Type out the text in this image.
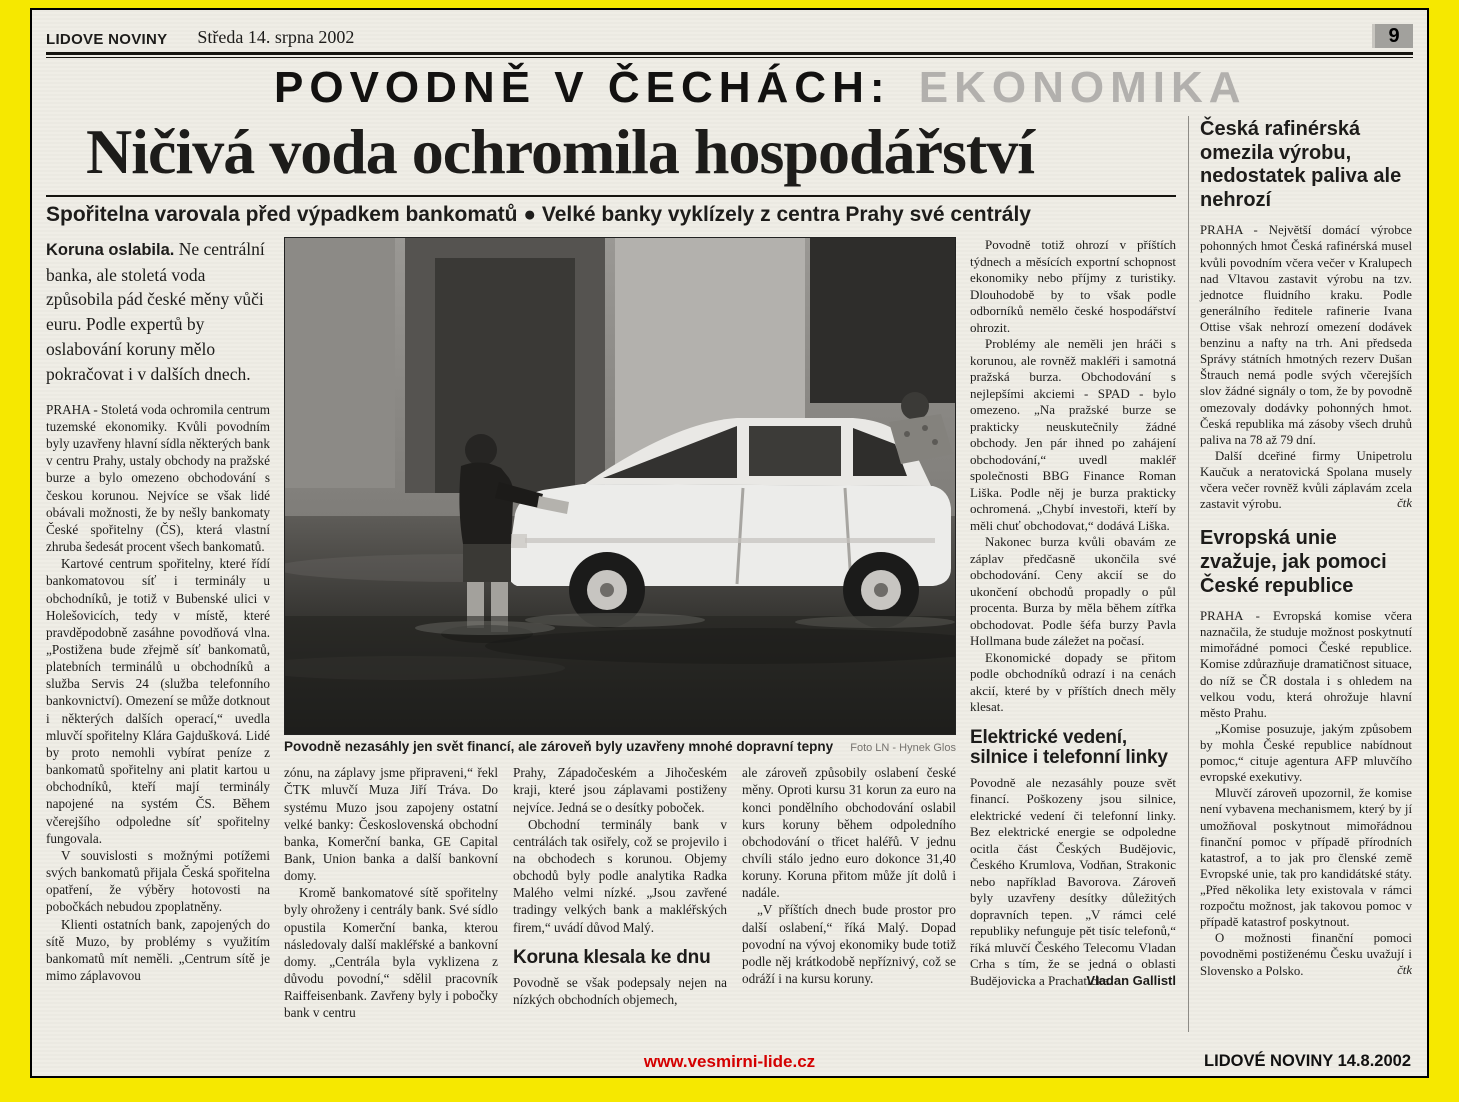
LIDOVE NOVINY Středa 14. srpna 2002	9
POVODNĚ V ČECHÁCH: EKONOMIKA
Ničivá voda ochromila hospodářství
Spořitelna varovala před výpadkem bankomatů ● Velké banky vyklízely z centra Prahy své centrály

Koruna oslabila. Ne centrální banka, ale stoletá voda způsobila pád české měny vůči euru. Podle expertů by oslabování koruny mělo pokračovat i v dalších dnech.

PRAHA - Stoletá voda ochromila centrum tuzemské ekonomiky. Kvůli povodním byly uzavřeny hlavní sídla některých bank v centru Prahy, ustaly obchody na pražské burze a bylo omezeno obchodování s českou korunou. Nejvíce se však lidé obávali možnosti, že by nešly bankomaty České spořitelny (ČS), která vlastní zhruba šedesát procent všech bankomatů.

Kartové centrum spořitelny, které řídí bankomatovou síť i terminály u obchodníků, je totiž v Bubenské ulici v Holešovicích, tedy v místě, které pravděpodobně zasáhne povodňová vlna. „Postižena bude zřejmě síť bankomatů, platebních terminálů u obchodníků a služba Servis 24 (služba telefonního bankovnictví). Omezení se může dotknout i některých dalších operací,“ uvedla mluvčí spořitelny Klára Gajdušková. Lidé by proto nemohli vybírat peníze z bankomatů spořitelny ani platit kartou u obchodníků, kteří mají terminály napojené na systém ČS. Během včerejšího odpoledne síť spořitelny fungovala.

V souvislosti s možnými potížemi svých bankomatů přijala Česká spořitelna opatření, že výběry hotovosti na pobočkách nebudou zpoplatněny.

Klienti ostatních bank, zapojených do sítě Muzo, by problémy s využitím bankomatů mít neměli. „Centrum sítě je mimo záplavovou

Povodně nezasáhly jen svět financí, ale zároveň byly uzavřeny mnohé dopravní tepny Foto LN - Hynek Glos

zónu, na záplavy jsme připraveni,“ řekl ČTK mluvčí Muza Jiří Tráva. Do systému Muzo jsou zapojeny ostatní velké banky: Československá obchodní banka, Komerční banka, GE Capital Bank, Union banka a další bankovní domy.

Kromě bankomatové sítě spořitelny byly ohroženy i centrály bank. Své sídlo opustila Komerční banka, kterou následovaly další makléřské a bankovní domy. „Centrála byla vyklizena z důvodu povodní,“ sdělil pracovník Raiffeisenbank. Zavřeny byly i pobočky bank v centru

Prahy, Západočeském a Jihočeském kraji, které jsou záplavami postiženy nejvíce. Jedná se o desítky poboček.

Obchodní terminály bank v centrálách tak osiřely, což se projevilo i na obchodech s korunou. Objemy obchodů byly podle analytika Radka Malého velmi nízké. „Jsou zavřené tradingy velkých bank a makléřských firem,“ uvádí důvod Malý.

Koruna klesala ke dnu

Povodně se však podepsaly nejen na nízkých obchodních objemech,

ale zároveň způsobily oslabení české měny. Oproti kursu 31 korun za euro na konci pondělního obchodování oslabil kurs koruny během odpoledního obchodování o třicet haléřů. V jednu chvíli stálo jedno euro dokonce 31,40 koruny. Koruna přitom může jít dolů i nadále.

„V příštích dnech bude prostor pro další oslabení,“ říká Malý. Dopad povodní na vývoj ekonomiky bude totiž podle něj krátkodobě nepříznivý, což se odráží i na kursu koruny.

Povodně totiž ohrozí v příštích týdnech a měsících exportní schopnost ekonomiky nebo příjmy z turistiky. Dlouhodobě by to však podle odborníků nemělo české hospodářství ohrozit.

Problémy ale neměli jen hráči s korunou, ale rovněž makléři i samotná pražská burza. Obchodování s nejlepšími akciemi - SPAD - bylo omezeno. „Na pražské burze se prakticky neuskutečnily žádné obchody. Jen pár ihned po zahájení obchodování,“ uvedl makléř společnosti BBG Finance Roman Liška. Podle něj je burza prakticky ochromená. „Chybí investoři, kteří by měli chuť obchodovat,“ dodává Liška.

Nakonec burza kvůli obavám ze záplav předčasně ukončila své obchodování. Ceny akcií se do ukončení obchodů propadly o půl procenta. Burza by měla během zítřka obchodovat. Podle šéfa burzy Pavla Hollmana bude záležet na počasí.

Ekonomické dopady se přitom podle obchodníků odrazí i na cenách akcií, které by v příštích dnech měly klesat.

Elektrické vedení, silnice i telefonní linky

Povodně ale nezasáhly pouze svět financí. Poškozeny jsou silnice, elektrické vedení či telefonní linky. Bez elektrické energie se odpoledne ocitla část Českých Budějovic, Českého Krumlova, Vodňan, Strakonic nebo například Bavorova. Zároveň byly uzavřeny desítky důležitých dopravních tepen. „V rámci celé republiky nefunguje pět tisíc telefonů,“ říká mluvčí Českého Telecomu Vladan Crha s tím, že se jedná o oblasti Budějovicka a Prachaticka.

Vladan Gallistl
Česká rafinérská omezila výrobu, nedostatek paliva ale nehrozí

PRAHA - Největší domácí výrobce pohonných hmot Česká rafinérská musel kvůli povodním včera večer v Kralupech nad Vltavou zastavit výrobu na tzv. jednotce fluidního kraku. Podle generálního ředitele rafinerie Ivana Ottise však nehrozí omezení dodávek benzinu a nafty na trh. Ani předseda Správy státních hmotných rezerv Dušan Štrauch nemá podle svých včerejších slov žádné signály o tom, že by povodně omezovaly dodávky pohonných hmot. Česká republika má zásoby všech druhů paliva na 78 až 79 dní.

Další dceřiné firmy Unipetrolu Kaučuk a neratovická Spolana musely včera večer rovněž kvůli záplavám zcela zastavit výrobu.	čtk
Evropská unie zvažuje, jak pomoci České republice

PRAHA - Evropská komise včera naznačila, že studuje možnost poskytnutí mimořádné pomoci České republice. Komise zdůrazňuje dramatičnost situace, do níž se ČR dostala i s ohledem na velkou vodu, která ohrožuje hlavní město Prahu.

„Komise posuzuje, jakým způsobem by mohla České republice nabídnout pomoc,“ cituje agentura AFP mluvčího evropské exekutivy.

Mluvčí zároveň upozornil, že komise není vybavena mechanismem, který by jí umožňoval poskytnout mimořádnou finanční pomoc v případě přírodních katastrof, a to jak pro členské země Evropské unie, tak pro kandidátské státy. „Před několika lety existovala v rámci rozpočtu možnost, jak takovou pomoc v případě katastrof poskytnout.

O možnosti finanční pomoci povodněmi postiženému Česku uvažují i Slovensko a Polsko.	čtk
www.vesmirni-lide.cz	LIDOVÉ NOVINY 14.8.2002
